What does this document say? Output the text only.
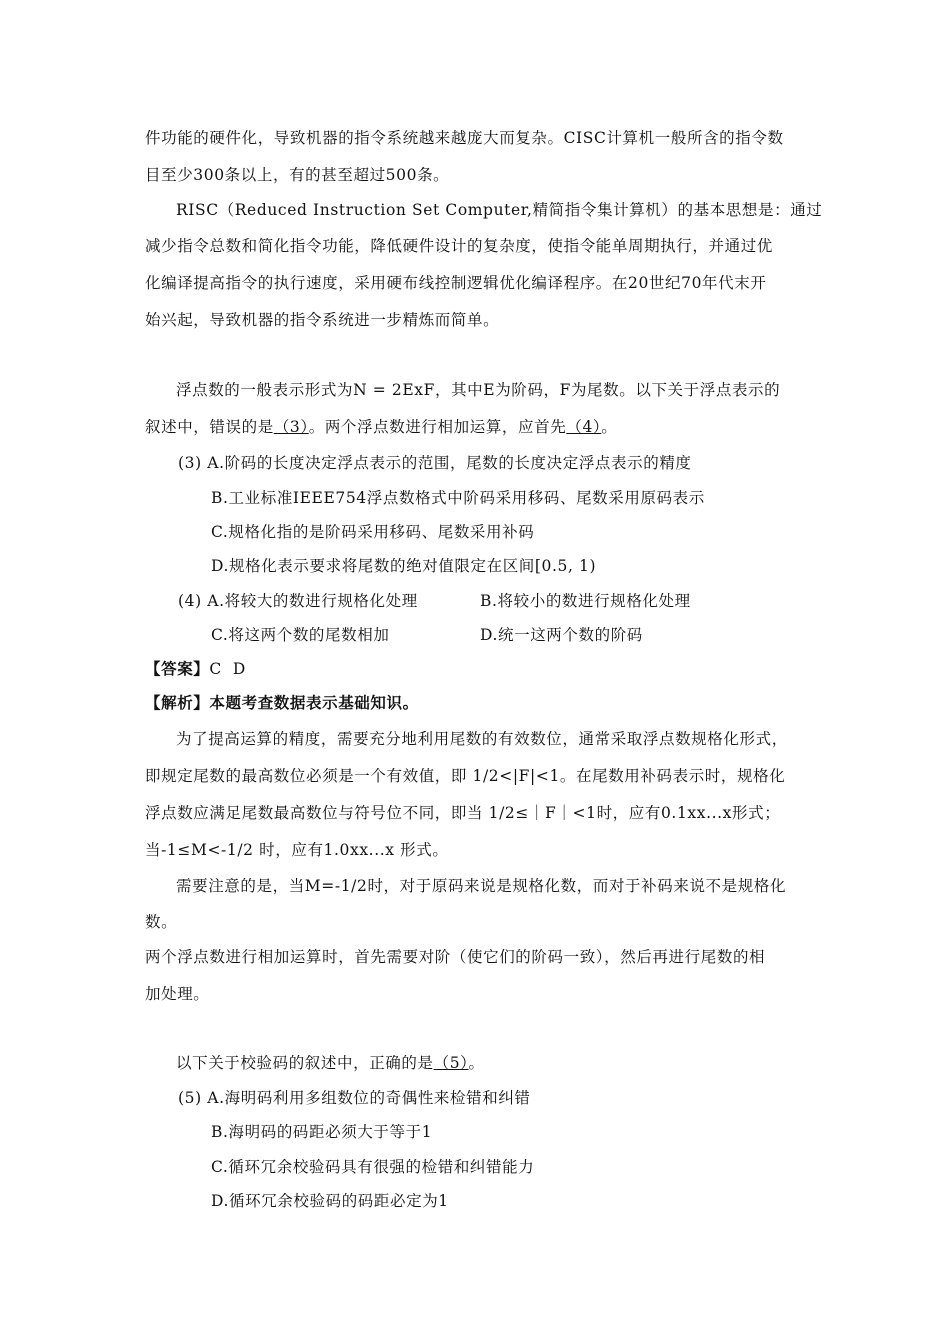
件功能的硬件化，导致机器的指令系统越来越庞大而复杂。CISC计算机一般所含的指令数
目至少300条以上，有的甚至超过500条。
RISC（Reduced Instruction Set Computer,精简指令集计算机）的基本思想是：通过
减少指令总数和简化指令功能，降低硬件设计的复杂度，使指令能单周期执行，并通过优
化编译提高指令的执行速度，采用硬布线控制逻辑优化编译程序。在20世纪70年代末开
始兴起，导致机器的指令系统进一步精炼而简单。
浮点数的一般表示形式为N = 2ExF，其中E为阶码，F为尾数。以下关于浮点表示的
叙述中，错误的是（3）。两个浮点数进行相加运算，应首先（4）。
(3) A.阶码的长度决定浮点表示的范围，尾数的长度决定浮点表示的精度
B.工业标准IEEE754浮点数格式中阶码采用移码、尾数采用原码表示
C.规格化指的是阶码采用移码、尾数采用补码
D.规格化表示要求将尾数的绝对值限定在区间[0.5, 1)
(4) A.将较大的数进行规格化处理	B.将较小的数进行规格化处理
C.将这两个数的尾数相加	D.统一这两个数的阶码
【答案】C  D
【解析】本题考查数据表示基础知识。
为了提高运算的精度，需要充分地利用尾数的有效数位，通常采取浮点数规格化形式，
即规定尾数的最高数位必须是一个有效值，即 1/2<|F|<1。在尾数用补码表示时，规格化
浮点数应满足尾数最高数位与符号位不同，即当 1/2≤｜F｜<1时，应有0.1xx...x形式；
当-1≤M<-1/2 时，应有1.0xx...x 形式。
需要注意的是，当M=-1/2时，对于原码来说是规格化数，而对于补码来说不是规格化
数。
两个浮点数进行相加运算时，首先需要对阶（使它们的阶码一致），然后再进行尾数的相
加处理。
以下关于校验码的叙述中，正确的是（5）。
(5) A.海明码利用多组数位的奇偶性来检错和纠错
B.海明码的码距必须大于等于1
C.循环冗余校验码具有很强的检错和纠错能力
D.循环冗余校验码的码距必定为1
